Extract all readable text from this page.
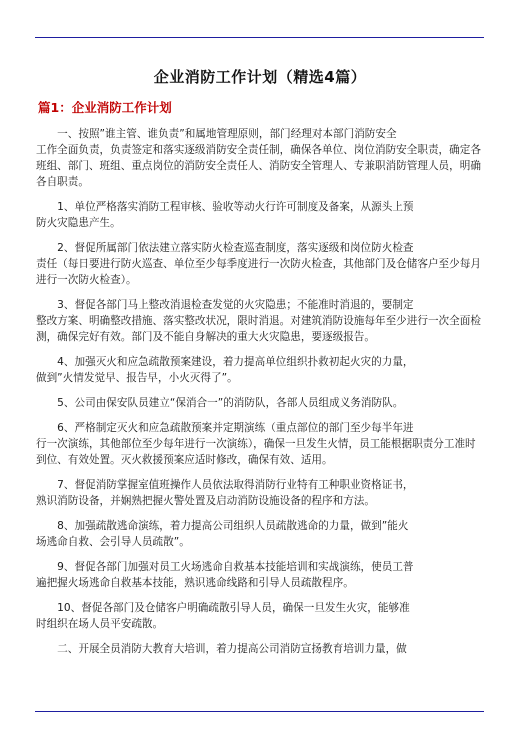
企业消防工作计划（精选4篇）
篇1：企业消防工作计划
　　一、按照”谁主管、谁负责”和属地管理原则，部门经理对本部门消防安全
工作全面负责，负责签定和落实逐级消防安全责任制，确保各单位、岗位消防安全职责，确定各
班组、部门、班组、重点岗位的消防安全责任人、消防安全管理人、专兼职消防管理人员，明确
各自职责。
　　1、单位严格落实消防工程审核、验收等动火行许可制度及备案，从源头上预
防火灾隐患产生。
　　2、督促所属部门依法建立落实防火检查巡查制度，落实逐级和岗位防火检查
责任（每日要进行防火巡查、单位至少每季度进行一次防火检查，其他部门及仓储客户至少每月
进行一次防火检查）。
　　3、督促各部门马上整改消退检查发觉的火灾隐患；不能准时消退的，要制定
整改方案、明确整改措施、落实整改状况，限时消退。对建筑消防设施每年至少进行一次全面检
测，确保完好有效。部门及不能自身解决的重大火灾隐患，要逐级报告。
　　4、加强灭火和应急疏散预案建设，着力提高单位组织扑救初起火灾的力量，
做到”火情发觉早、报告早，小火灭得了”。
　　5、公司由保安队员建立“保消合一”的消防队，各部人员组成义务消防队。
　　6、严格制定灭火和应急疏散预案并定期演练（重点部位的部门至少每半年进
行一次演练，其他部位至少每年进行一次演练），确保一旦发生火情，员工能根据职责分工准时
到位、有效处置。灭火救援预案应适时修改，确保有效、适用。
　　7、督促消防掌握室值班操作人员依法取得消防行业特有工种职业资格证书，
熟识消防设备，并娴熟把握火警处置及启动消防设施设备的程序和方法。
　　8、加强疏散逃命演练，着力提高公司组织人员疏散逃命的力量，做到”能火
场逃命自救、会引导人员疏散”。
　　9、督促各部门加强对员工火场逃命自救基本技能培训和实战演练，使员工普
遍把握火场逃命自救基本技能，熟识逃命线路和引导人员疏散程序。
　　10、督促各部门及仓储客户明确疏散引导人员，确保一旦发生火灾，能够准
时组织在场人员平安疏散。
　　二、开展全员消防大教育大培训，着力提高公司消防宣扬教育培训力量，做
